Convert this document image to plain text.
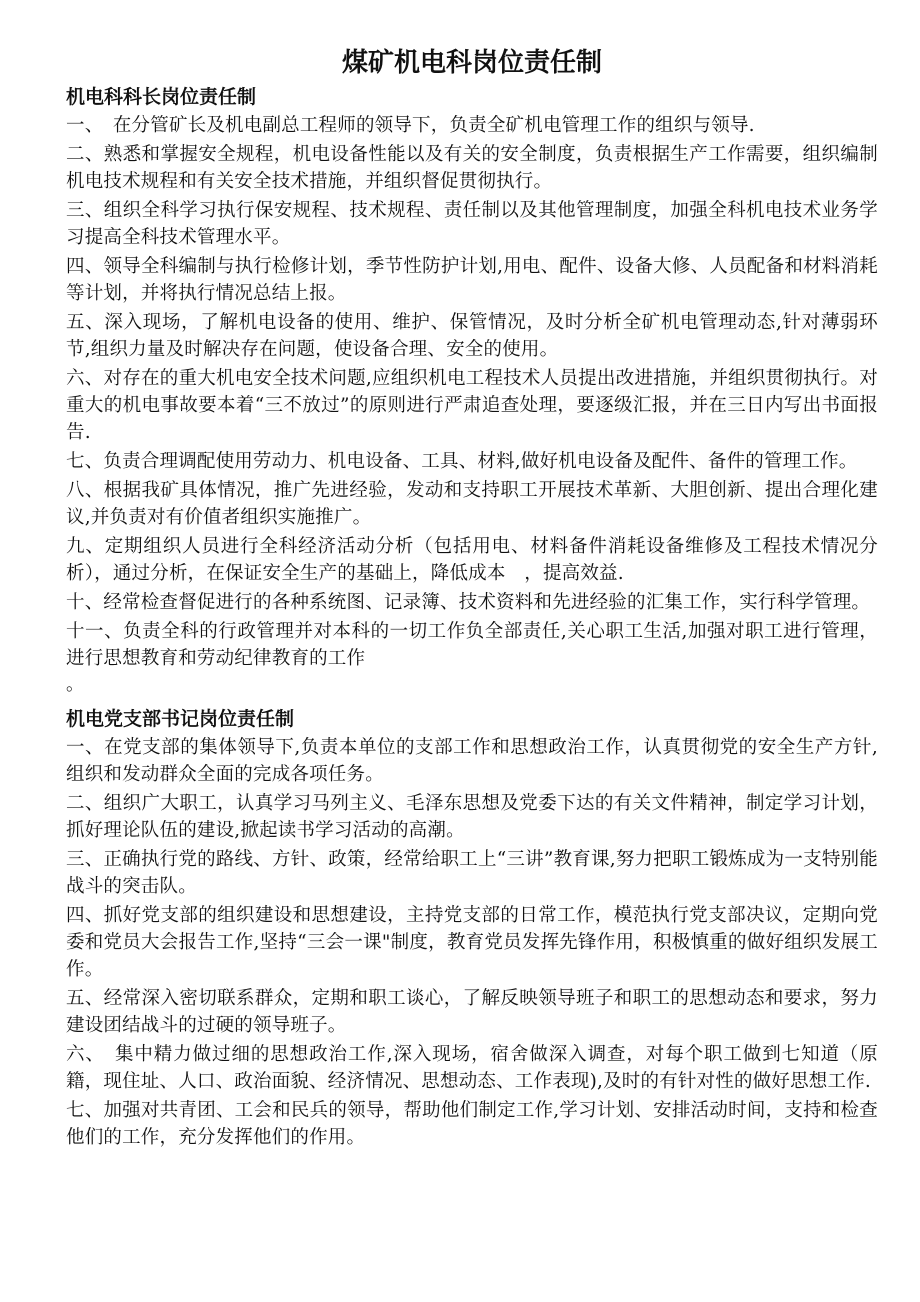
煤矿机电科岗位责任制
机电科科长岗位责任制

一、　在分管矿长及机电副总工程师的领导下，负责全矿机电管理工作的组织与领导.

二、熟悉和掌握安全规程，机电设备性能以及有关的安全制度，负责根据生产工作需要，组织编制机电技术规程和有关安全技术措施，并组织督促贯彻执行。

三、组织全科学习执行保安规程、技术规程、责任制以及其他管理制度，加强全科机电技术业务学习提高全科技术管理水平。

四、领导全科编制与执行检修计划，季节性防护计划,用电、配件、设备大修、人员配备和材料消耗等计划，并将执行情况总结上报。

五、深入现场，了解机电设备的使用、维护、保管情况，及时分析全矿机电管理动态,针对薄弱环节,组织力量及时解决存在问题，使设备合理、安全的使用。

六、对存在的重大机电安全技术问题,应组织机电工程技术人员提出改进措施，并组织贯彻执行。对重大的机电事故要本着“三不放过”的原则进行严肃追查处理，要逐级汇报，并在三日内写出书面报告.

七、负责合理调配使用劳动力、机电设备、工具、材料,做好机电设备及配件、备件的管理工作。

八、根据我矿具体情况，推广先进经验，发动和支持职工开展技术革新、大胆创新、提出合理化建议,并负责对有价值者组织实施推广。

九、定期组织人员进行全科经济活动分析（包括用电、材料备件消耗设备维修及工程技术情况分析），通过分析，在保证安全生产的基础上，降低成本　，提高效益.

十、经常检查督促进行的各种系统图、记录簿、技术资料和先进经验的汇集工作，实行科学管理。

十一、负责全科的行政管理并对本科的一切工作负全部责任,关心职工生活,加强对职工进行管理，进行思想教育和劳动纪律教育的工作

。

机电党支部书记岗位责任制

一、在党支部的集体领导下,负责本单位的支部工作和思想政治工作，认真贯彻党的安全生产方针,组织和发动群众全面的完成各项任务。

二、组织广大职工，认真学习马列主义、毛泽东思想及党委下达的有关文件精神，制定学习计划，抓好理论队伍的建设,掀起读书学习活动的高潮。

三、正确执行党的路线、方针、政策，经常给职工上“三讲”教育课,努力把职工锻炼成为一支特别能战斗的突击队。

四、抓好党支部的组织建设和思想建设，主持党支部的日常工作，模范执行党支部决议，定期向党委和党员大会报告工作,坚持“三会一课"制度，教育党员发挥先锋作用，积极慎重的做好组织发展工作。

五、经常深入密切联系群众，定期和职工谈心，了解反映领导班子和职工的思想动态和要求，努力建设团结战斗的过硬的领导班子。

六、　集中精力做过细的思想政治工作,深入现场，宿舍做深入调查，对每个职工做到七知道（原籍，现住址、人口、政治面貌、经济情况、思想动态、工作表现),及时的有针对性的做好思想工作.

七、加强对共青团、工会和民兵的领导，帮助他们制定工作,学习计划、安排活动时间，支持和检查他们的工作，充分发挥他们的作用。
